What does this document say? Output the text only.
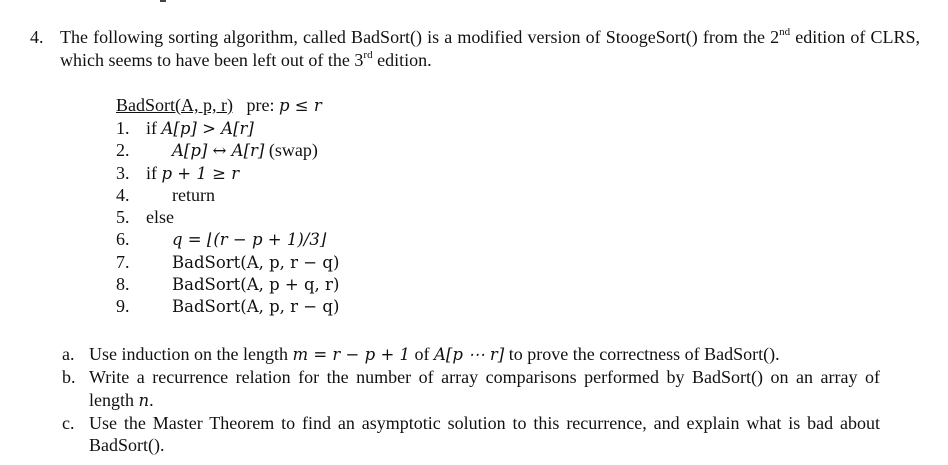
4. The following sorting algorithm, called BadSort() is a modified version of StoogeSort() from the 2nd edition of CLRS, which seems to have been left out of the 3rd edition.
BadSort(A, p, r) pre: p ≤ r
1. if A[p] > A[r]
2.	A[p] ↔ A[r] (swap)
3. if p + 1 ≥ r
4. return
5. else
6.	q = ⌊(r − p + 1)/3⌋
7.	BadSort(A, p, r − q)
8.	BadSort(A, p + q, r)
9.	BadSort(A, p, r − q)
a. Use induction on the length m = r − p + 1 of A[p ⋯ r] to prove the correctness of BadSort().
b. Write a recurrence relation for the number of array comparisons performed by BadSort() on an array of length n.
c. Use the Master Theorem to find an asymptotic solution to this recurrence, and explain what is bad about BadSort().
